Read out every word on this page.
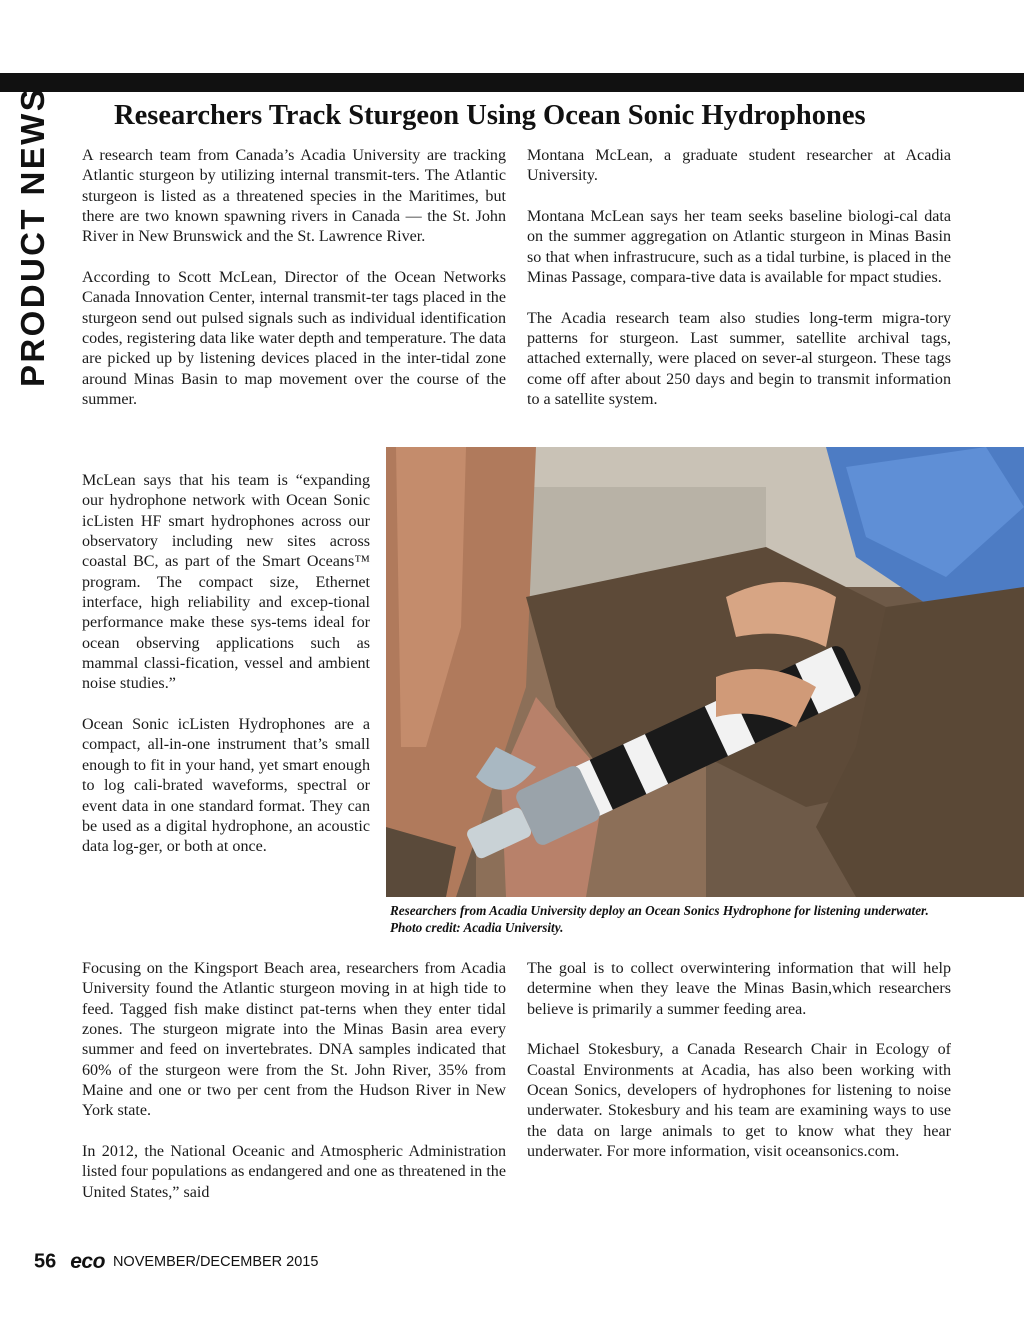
PRODUCT NEWS Researchers Track Sturgeon Using Ocean Sonic Hydrophones

A research team from Canada’s Acadia University are tracking Atlantic sturgeon by utilizing internal transmit-ters. The Atlantic sturgeon is listed as a threatened species in the Maritimes, but there are two known spawning rivers in Canada — the St. John River in New Brunswick and the St. Lawrence River.

According to Scott McLean, Director of the Ocean Networks Canada Innovation Center, internal transmit-ter tags placed in the sturgeon send out pulsed signals such as individual identification codes, registering data like water depth and temperature. The data are picked up by listening devices placed in the inter-tidal zone around Minas Basin to map movement over the course of the summer.

Montana McLean, a graduate student researcher at Acadia University.

Montana McLean says her team seeks baseline biologi-cal data on the summer aggregation on Atlantic sturgeon in Minas Basin so that when infrastrucure, such as a tidal turbine, is placed in the Minas Passage, compara-tive data is available for mpact studies.

The Acadia research team also studies long-term migra-tory patterns for sturgeon. Last summer, satellite archival tags, attached externally, were placed on sever-al sturgeon. These tags come off after about 250 days and begin to transmit information to a satellite system.

McLean says that his team is “expanding our hydrophone network with Ocean Sonic icListen HF smart hydrophones across our observatory including new sites across coastal BC, as part of the Smart Oceans™ program. The compact size, Ethernet interface, high reliability and excep-tional performance make these sys-tems ideal for ocean observing applications such as mammal classi-fication, vessel and ambient noise studies.”

Ocean Sonic icListen Hydrophones are a compact, all-in-one instrument that’s small enough to fit in your hand, yet smart enough to log cali-brated waveforms, spectral or event data in one standard format. They can be used as a digital hydrophone, an acoustic data log-ger, or both at once.

Researchers from Acadia University deploy an Ocean Sonics Hydrophone for listening underwater. Photo credit: Acadia University.

Focusing on the Kingsport Beach area, researchers from Acadia University found the Atlantic sturgeon moving in at high tide to feed. Tagged fish make distinct pat-terns when they enter tidal zones. The sturgeon migrate into the Minas Basin area every summer and feed on invertebrates. DNA samples indicated that 60% of the sturgeon were from the St. John River, 35% from Maine and one or two per cent from the Hudson River in New York state.

In 2012, the National Oceanic and Atmospheric Administration listed four populations as endangered and one as threatened in the United States,” said

The goal is to collect overwintering information that will help determine when they leave the Minas Basin,which researchers believe is primarily a summer feeding area.

Michael Stokesbury, a Canada Research Chair in Ecology of Coastal Environments at Acadia, has also been working with Ocean Sonics, developers of hydrophones for listening to noise underwater. Stokesbury and his team are examining ways to use the data on large animals to get to know what they hear underwater. For more information, visit oceansonics.com.

56 eco NOVEMBER/DECEMBER 2015
